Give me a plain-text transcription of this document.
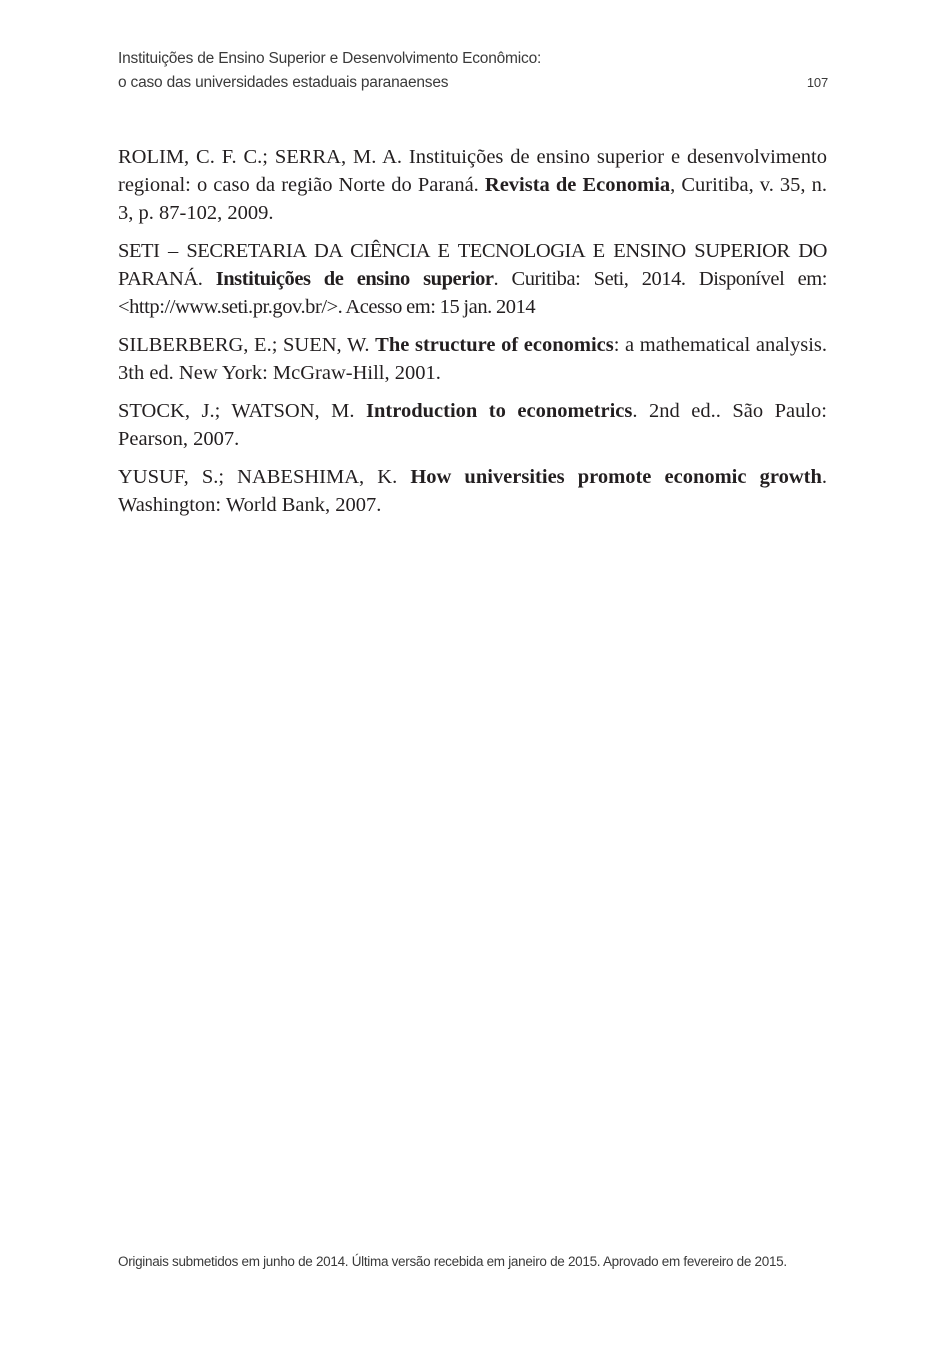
Instituições de Ensino Superior e Desenvolvimento Econômico:
o caso das universidades estaduais paranaenses	107

ROLIM, C. F. C.; SERRA, M. A. Instituições de ensino superior e desenvolvimento regional: o caso da região Norte do Paraná. Revista de Economia, Curitiba, v. 35, n. 3, p. 87-102, 2009.

SETI – SECRETARIA DA CIÊNCIA E TECNOLOGIA E ENSINO SUPERIOR DO PARANÁ. Instituições de ensino superior. Curitiba: Seti, 2014. Disponível em: <http://www.seti.pr.gov.br/>. Acesso em: 15 jan. 2014

SILBERBERG, E.; SUEN, W. The structure of economics: a mathematical analysis. 3th ed. New York: McGraw-Hill, 2001.

STOCK, J.; WATSON, M. Introduction to econometrics. 2nd ed.. São Paulo: Pearson, 2007.

YUSUF, S.; NABESHIMA, K. How universities promote economic growth. Washington: World Bank, 2007.

Originais submetidos em junho de 2014. Última versão recebida em janeiro de 2015. Aprovado em fevereiro de 2015.
